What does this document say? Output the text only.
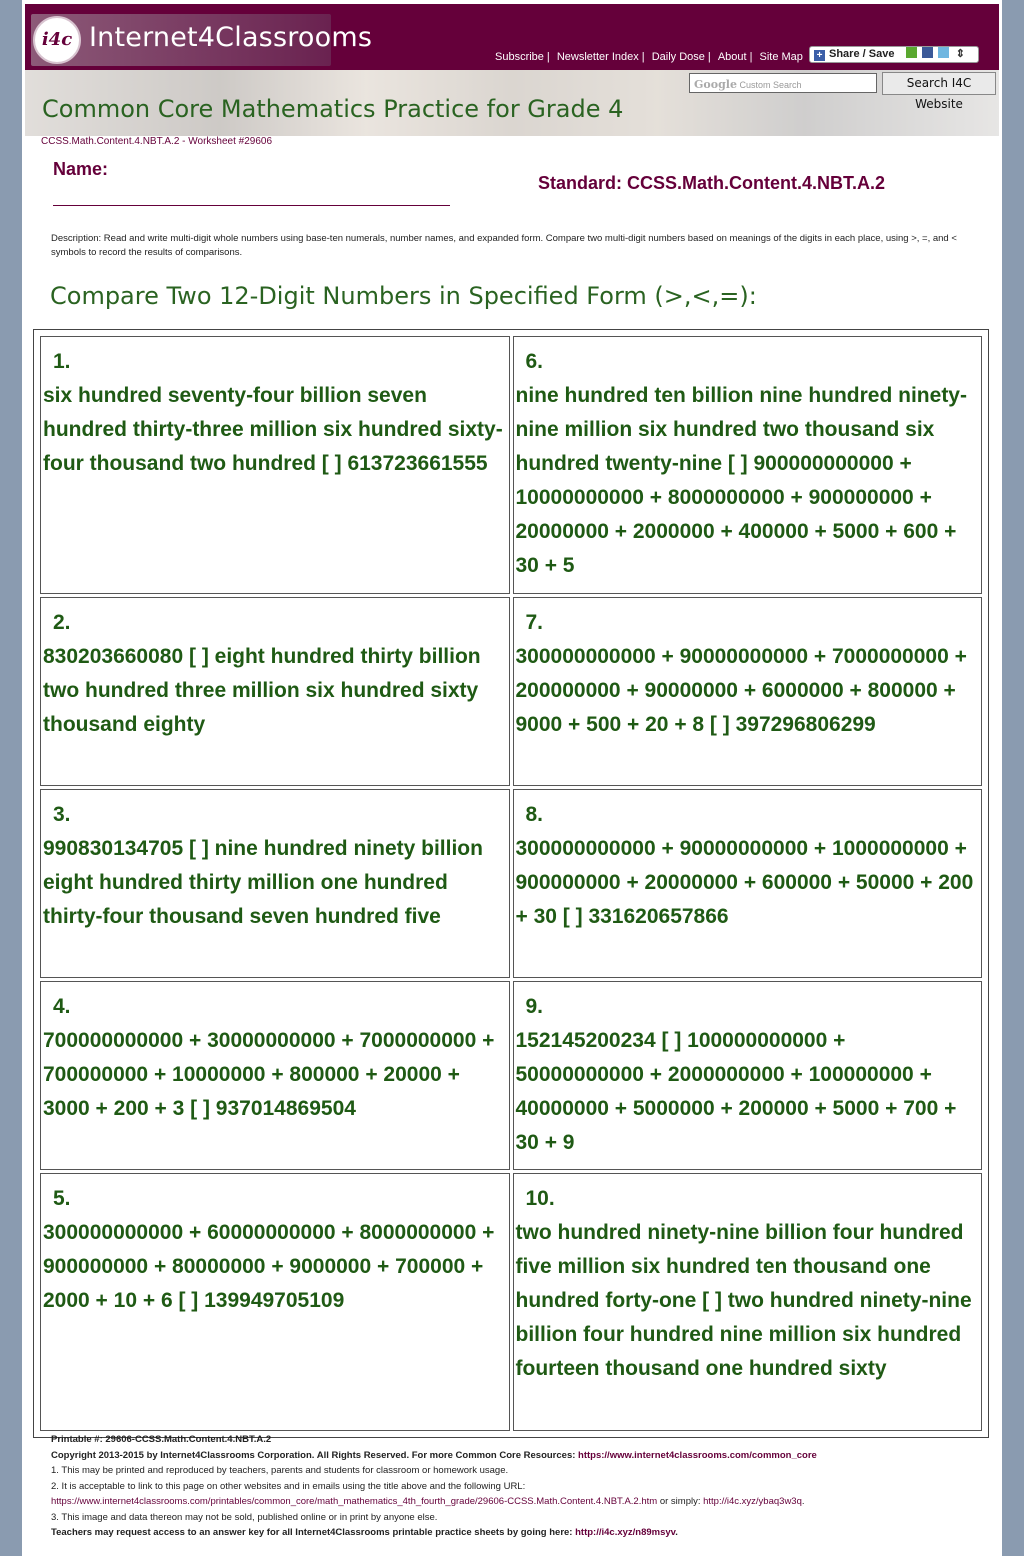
i4c Internet4Classrooms
Subscribe | Newsletter Index | Daily Dose | About | Site Map	+ Share / Save	⇕
Google Custom Search	Search I4C Website
Common Core Mathematics Practice for Grade 4
CCSS.Math.Content.4.NBT.A.2 - Worksheet #29606
Name:
Standard: CCSS.Math.Content.4.NBT.A.2
Description: Read and write multi-digit whole numbers using base-ten numerals, number names, and expanded form. Compare two multi-digit numbers based on meanings of the digits in each place, using >, =, and < symbols to record the results of comparisons.
Compare Two 12-Digit Numbers in Specified Form (>,<,=):
1.
six hundred seventy-four billion seven hundred thirty-three million six hundred sixty-four thousand two hundred [ ] 613723661555	6.
nine hundred ten billion nine hundred ninety-nine million six hundred two thousand six hundred twenty-nine [ ] 900000000000 + 10000000000 + 8000000000 + 900000000 + 20000000 + 2000000 + 400000 + 5000 + 600 + 30 + 5

2.
830203660080 [ ] eight hundred thirty billion two hundred three million six hundred sixty thousand eighty	7.
300000000000 + 90000000000 + 7000000000 + 200000000 + 90000000 + 6000000 + 800000 + 9000 + 500 + 20 + 8 [ ] 397296806299

3.
990830134705 [ ] nine hundred ninety billion eight hundred thirty million one hundred thirty-four thousand seven hundred five	8.
300000000000 + 90000000000 + 1000000000 + 900000000 + 20000000 + 600000 + 50000 + 200 + 30 [ ] 331620657866

4.
700000000000 + 30000000000 + 7000000000 + 700000000 + 10000000 + 800000 + 20000 + 3000 + 200 + 3 [ ] 937014869504	9.
152145200234 [ ] 100000000000 + 50000000000 + 2000000000 + 100000000 + 40000000 + 5000000 + 200000 + 5000 + 700 + 30 + 9

5.
300000000000 + 60000000000 + 8000000000 + 900000000 + 80000000 + 9000000 + 700000 + 2000 + 10 + 6 [ ] 139949705109	10.
two hundred ninety-nine billion four hundred five million six hundred ten thousand one hundred forty-one [ ] two hundred ninety-nine billion four hundred nine million six hundred fourteen thousand one hundred sixty
Printable #: 29606-CCSS.Math.Content.4.NBT.A.2
Copyright 2013-2015 by Internet4Classrooms Corporation. All Rights Reserved. For more Common Core Resources: https://www.internet4classrooms.com/common_core
1. This may be printed and reproduced by teachers, parents and students for classroom or homework usage.
2. It is acceptable to link to this page on other websites and in emails using the title above and the following URL:
https://www.internet4classrooms.com/printables/common_core/math_mathematics_4th_fourth_grade/29606-CCSS.Math.Content.4.NBT.A.2.htm or simply: http://i4c.xyz/ybaq3w3q.
3. This image and data thereon may not be sold, published online or in print by anyone else.
Teachers may request access to an answer key for all Internet4Classrooms printable practice sheets by going here: http://i4c.xyz/n89msyv.
